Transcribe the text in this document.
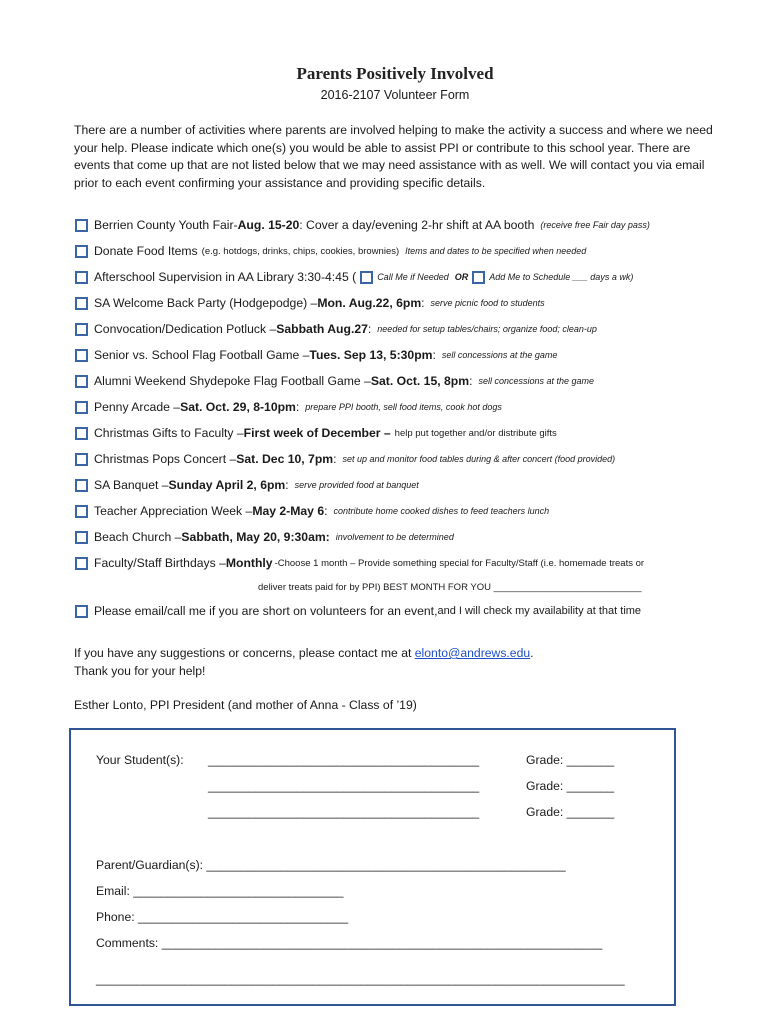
Parents Positively Involved
2016-2107 Volunteer Form
There are a number of activities where parents are involved helping to make the activity a success and where we need your help. Please indicate which one(s) you would be able to assist PPI or contribute to this school year. There are events that come up that are not listed below that we may need assistance with as well. We will contact you via email prior to each event confirming your assistance and providing specific details.
Berrien County Youth Fair- Aug. 15-20 : Cover a day/evening 2-hr shift at AA booth (receive free Fair day pass)
Donate Food Items (e.g. hotdogs, drinks, chips, cookies, brownies) Items and dates to be specified when needed
Afterschool Supervision in AA Library 3:30-4:45 ( Call Me if Needed OR Add Me to Schedule ___ days a wk)
SA Welcome Back Party (Hodgepodge) – Mon. Aug.22, 6pm : serve picnic food to students
Convocation/Dedication Potluck – Sabbath Aug.27 : needed for setup tables/chairs; organize food; clean-up
Senior vs. School Flag Football Game – Tues. Sep 13, 5:30pm : sell concessions at the game
Alumni Weekend Shydepoke Flag Football Game – Sat. Oct. 15, 8pm : sell concessions at the game
Penny Arcade – Sat. Oct. 29, 8-10pm : prepare PPI booth, sell food items, cook hot dogs
Christmas Gifts to Faculty – First week of December – help put together and/or distribute gifts
Christmas Pops Concert – Sat. Dec 10, 7pm : set up and monitor food tables during & after concert (food provided)
SA Banquet – Sunday April 2, 6pm : serve provided food at banquet
Teacher Appreciation Week – May 2-May 6 : contribute home cooked dishes to feed teachers lunch
Beach Church – Sabbath, May 20, 9:30am: involvement to be determined
Faculty/Staff Birthdays – Monthly -Choose 1 month – Provide something special for Faculty/Staff (i.e. homemade treats or
deliver treats paid for by PPI) BEST MONTH FOR YOU ____________________________
Please email/call me if you are short on volunteers for an event, and I will check my availability at that time
If you have any suggestions or concerns, please contact me at elonto@andrews.edu.
Thank you for your help!
Esther Lonto, PPI President (and mother of Anna - Class of ’19)
Your Student(s): ________________________________________	Grade: _______
________________________________________	Grade: _______
________________________________________	Grade: _______
Parent/Guardian(s): _____________________________________________________
Email: _______________________________
Phone: _______________________________
Comments: _________________________________________________________________
______________________________________________________________________________
